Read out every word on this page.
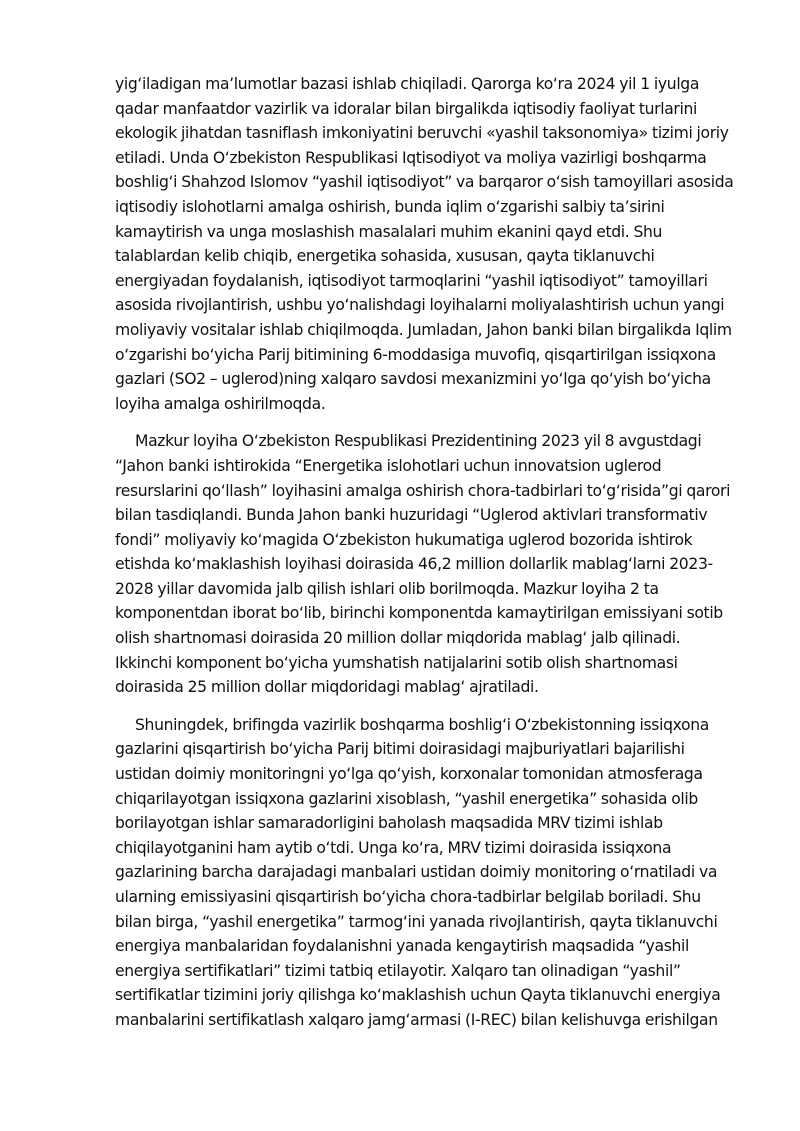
yig‘iladigan ma’lumotlar bazasi ishlab chiqiladi. Qarorga ko‘ra 2024 yil 1 iyulga qadar manfaatdor vazirlik va idoralar bilan birgalikda iqtisodiy faoliyat turlarini ekologik jihatdan tasniflash imkoniyatini beruvchi «yashil taksonomiya» tizimi joriy etiladi. Unda O‘zbekiston Respublikasi Iqtisodiyot va moliya vazirligi boshqarma boshlig‘i Shahzod Islomov “yashil iqtisodiyot” va barqaror o‘sish tamoyillari asosida iqtisodiy islohotlarni amalga oshirish, bunda iqlim o‘zgarishi salbiy ta’sirini kamaytirish va unga moslashish masalalari muhim ekanini qayd etdi. Shu talablardan kelib chiqib, energetika sohasida, xususan, qayta tiklanuvchi energiyadan foydalanish, iqtisodiyot tarmoqlarini “yashil iqtisodiyot” tamoyillari asosida rivojlantirish, ushbu yo‘nalishdagi loyihalarni moliyalashtirish uchun yangi moliyaviy vositalar ishlab chiqilmoqda. Jumladan, Jahon banki bilan birgalikda Iqlim o‘zgarishi bo‘yicha Parij bitimining 6-moddasiga muvofiq, qisqartirilgan issiqxona gazlari (SO2 – uglerod)ning xalqaro savdosi mexanizmini yo‘lga qo‘yish bo‘yicha loyiha amalga oshirilmoqda.

Mazkur loyiha O‘zbekiston Respublikasi Prezidentining 2023 yil 8 avgustdagi “Jahon banki ishtirokida “Energetika islohotlari uchun innovatsion uglerod resurslarini qo‘llash” loyihasini amalga oshirish chora-tadbirlari to‘g‘risida”gi qarori bilan tasdiqlandi. Bunda Jahon banki huzuridagi “Uglerod aktivlari transformativ fondi” moliyaviy ko‘magida O‘zbekiston hukumatiga uglerod bozorida ishtirok etishda ko‘maklashish loyihasi doirasida 46,2 million dollarlik mablag‘larni 2023-2028 yillar davomida jalb qilish ishlari olib borilmoqda. Mazkur loyiha 2 ta komponentdan iborat bo‘lib, birinchi komponentda kamaytirilgan emissiyani sotib olish shartnomasi doirasida 20 million dollar miqdorida mablag‘ jalb qilinadi. Ikkinchi komponent bo‘yicha yumshatish natijalarini sotib olish shartnomasi doirasida 25 million dollar miqdoridagi mablag‘ ajratiladi.

Shuningdek, brifingda vazirlik boshqarma boshlig‘i O‘zbekistonning issiqxona gazlarini qisqartirish bo‘yicha Parij bitimi doirasidagi majburiyatlari bajarilishi ustidan doimiy monitoringni yo‘lga qo‘yish, korxonalar tomonidan atmosferaga chiqarilayotgan issiqxona gazlarini xisoblash, “yashil energetika” sohasida olib borilayotgan ishlar samaradorligini baholash maqsadida MRV tizimi ishlab chiqilayotganini ham aytib o‘tdi. Unga ko‘ra, MRV tizimi doirasida issiqxona gazlarining barcha darajadagi manbalari ustidan doimiy monitoring o‘rnatiladi va ularning emissiyasini qisqartirish bo‘yicha chora-tadbirlar belgilab boriladi. Shu bilan birga, “yashil energetika” tarmog‘ini yanada rivojlantirish, qayta tiklanuvchi energiya manbalaridan foydalanishni yanada kengaytirish maqsadida “yashil energiya sertifikatlari” tizimi tatbiq etilayotir. Xalqaro tan olinadigan “yashil” sertifikatlar tizimini joriy qilishga ko‘maklashish uchun Qayta tiklanuvchi energiya manbalarini sertifikatlash xalqaro jamg‘armasi (I-REC) bilan kelishuvga erishilgan
